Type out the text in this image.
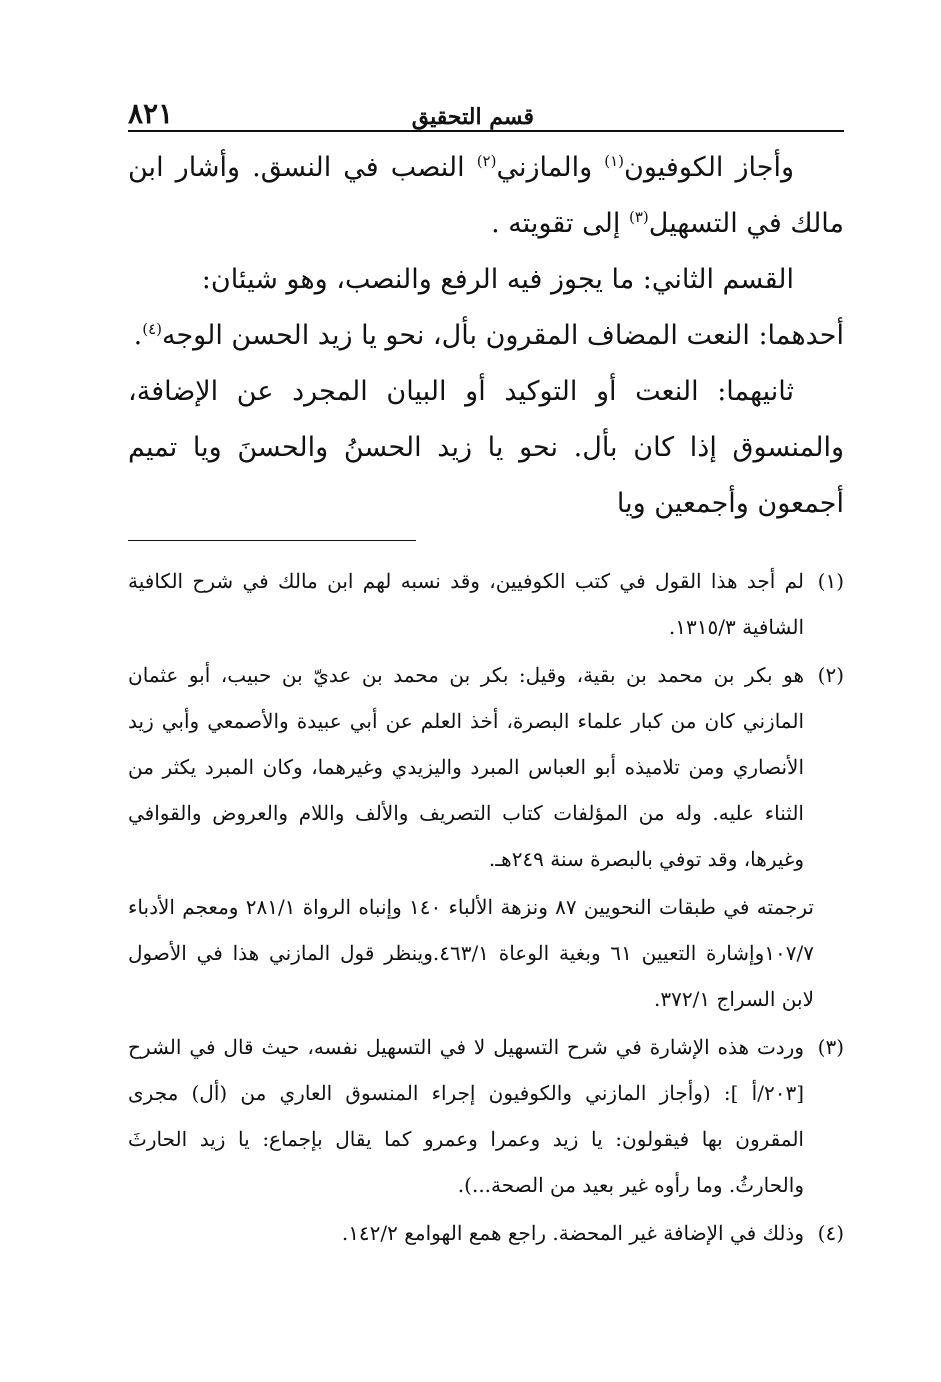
قسم التحقيق
٨٢١

وأجاز الكوفيون$^{(١)}$ والمازني$^{(٢)}$ النصب في النسق. وأشار ابن مالك في التسهيل$^{(٣)}$ إلى تقويته .

القسم الثاني: ما يجوز فيه الرفع والنصب، وهو شيئان:

أحدهما: النعت المضاف المقرون بأل، نحو يا زيد الحسن الوجه$^{(٤)}$.

ثانيهما: النعت أو التوكيد أو البيان المجرد عن الإضافة، والمنسوق إذا كان بأل. نحو يا زيد الحسنُ والحسنَ ويا تميم أجمعون وأجمعين ويا

(١)
لم أجد هذا القول في كتب الكوفيين، وقد نسبه لهم ابن مالك في شرح الكافية الشافية ١٣١٥/٣.

(٢)
هو بكر بن محمد بن بقية، وقيل: بكر بن محمد بن عديّ بن حبيب، أبو عثمان المازني كان من كبار علماء البصرة، أخذ العلم عن أبي عبيدة والأصمعي وأبي زيد الأنصاري ومن تلاميذه أبو العباس المبرد واليزيدي وغيرهما، وكان المبرد يكثر من الثناء عليه. وله من المؤلفات كتاب التصريف والألف واللام والعروض والقوافي وغيرها، وقد توفي بالبصرة سنة ٢٤٩هـ.

ترجمته في طبقات النحويين ٨٧ ونزهة الألباء ١٤٠ وإنباه الرواة ٢٨١/١ ومعجم الأدباء ١٠٧/٧وإشارة التعيين ٦١ وبغية الوعاة ٤٦٣/١.وينظر قول المازني هذا في الأصول لابن السراج ٣٧٢/١.

(٣)
وردت هذه الإشارة في شرح التسهيل لا في التسهيل نفسه، حيث قال في الشرح [٢٠٣/أ ]: (وأجاز المازني والكوفيون إجراء المنسوق العاري من (أل) مجرى المقرون بها فيقولون: يا زيد وعمرا وعمرو كما يقال بإجماع: يا زيد الحارثَ والحارثُ. وما رأوه غير بعيد من الصحة...).

(٤)
وذلك في الإضافة غير المحضة. راجع همع الهوامع ١٤٢/٢.
